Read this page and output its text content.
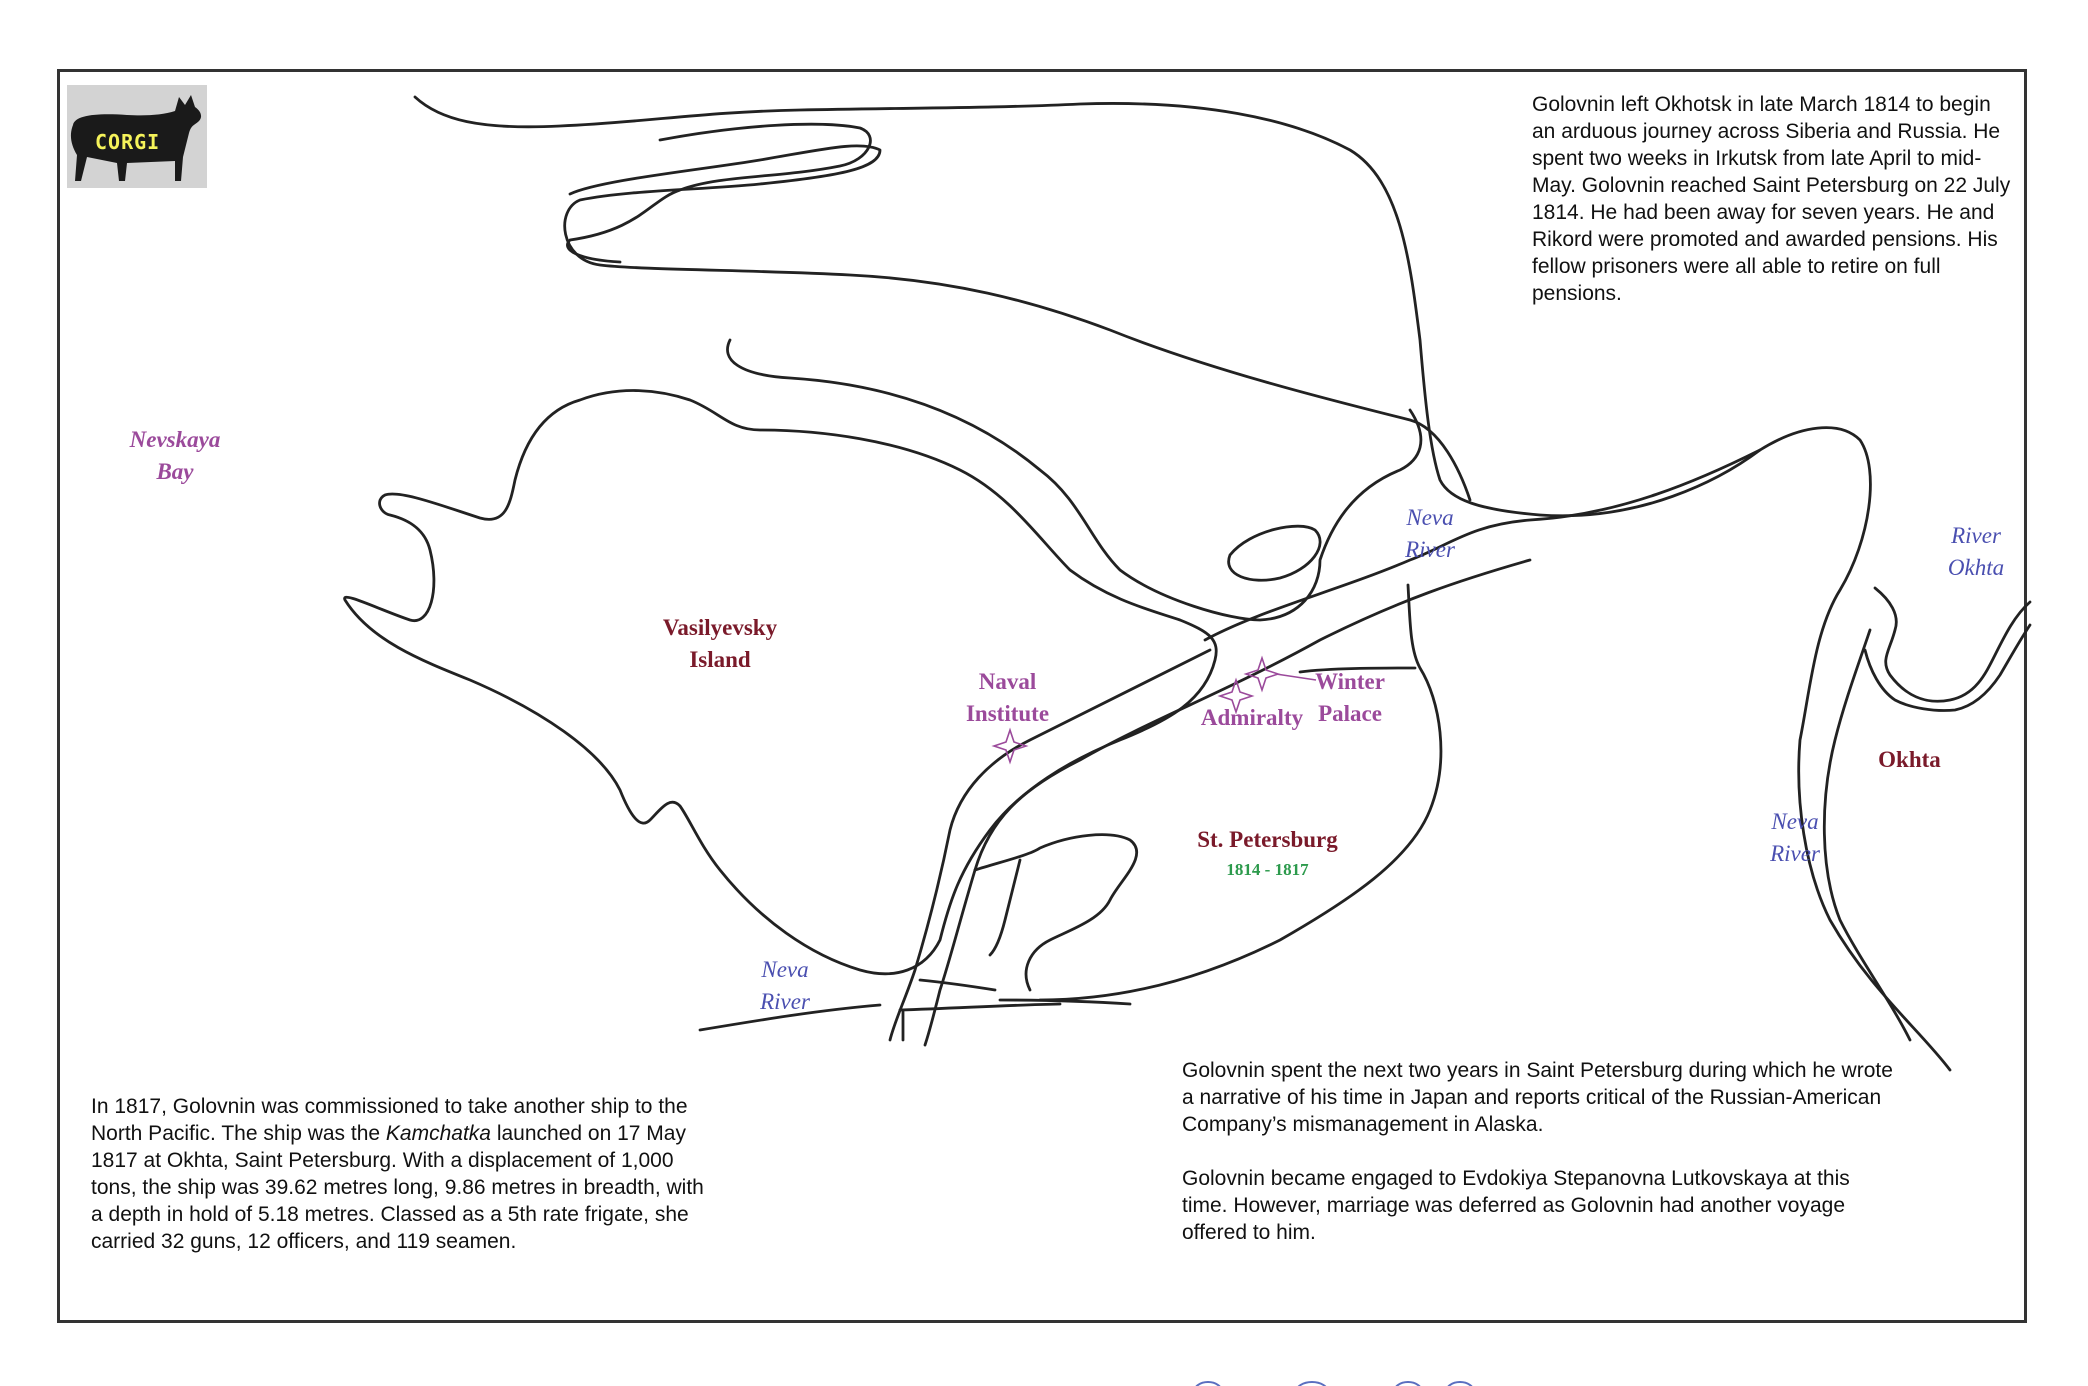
CORGI
Nevskaya
Bay
Vasilyevsky
Island
Naval
Institute	Admiralty
Winter
Palace
St. Petersburg
1814 - 1817
Neva
River
Neva
River
Neva
River
River
Okhta
Okhta

Golovnin left Okhotsk in late March 1814 to begin an arduous journey across Siberia and Russia. He spent two weeks in Irkutsk from late April to mid-May. Golovnin reached Saint Petersburg on 22 July 1814. He had been away for seven years. He and Rikord were promoted and awarded pensions. His fellow prisoners were all able to retire on full pensions.

In 1817, Golovnin was commissioned to take another ship to the North Pacific. The ship was the Kamchatka launched on 17 May 1817 at Okhta, Saint Petersburg. With a displacement of 1,000 tons, the ship was 39.62 metres long, 9.86 metres in breadth, with a depth in hold of 5.18 metres. Classed as a 5th rate frigate, she carried 32 guns, 12 officers, and 119 seamen.

Golovnin spent the next two years in Saint Petersburg during which he wrote a narrative of his time in Japan and reports critical of the Russian-American Company’s mismanagement in Alaska.

Golovnin became engaged to Evdokiya Stepanovna Lutkovskaya at this time. However, marriage was deferred as Golovnin had another voyage offered to him.
